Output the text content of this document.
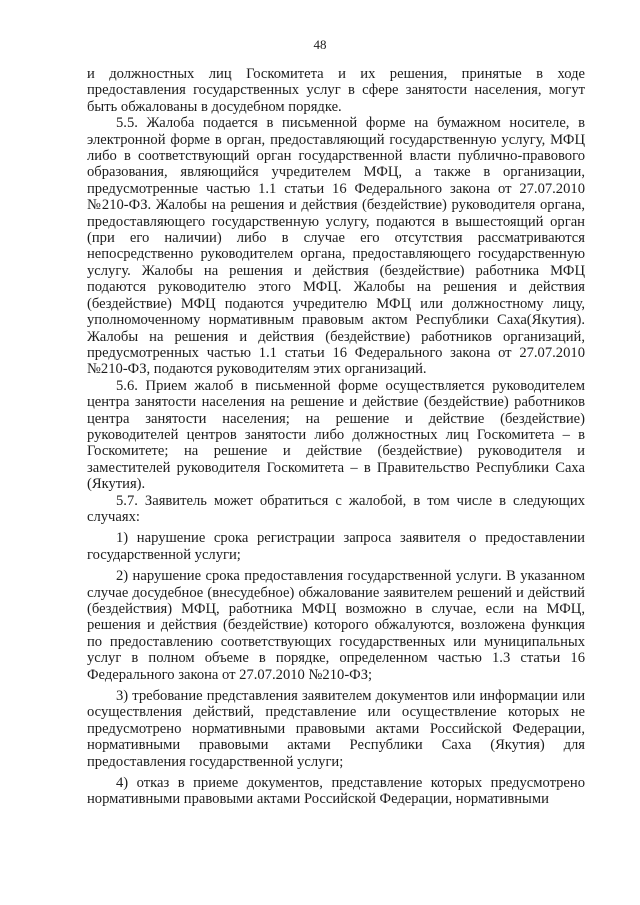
48

и должностных лиц Госкомитета и их решения, принятые в ходе предоставления государственных услуг в сфере занятости населения, могут быть обжалованы в досудебном порядке.

5.5. Жалоба подается в письменной форме на бумажном носителе, в электронной форме в орган, предоставляющий государственную услугу, МФЦ либо в соответствующий орган государственной власти публично-правового образования, являющийся учредителем МФЦ, а также в организации, предусмотренные частью 1.1 статьи 16 Федерального закона от 27.07.2010 №210-ФЗ. Жалобы на решения и действия (бездействие) руководителя органа, предоставляющего государственную услугу, подаются в вышестоящий орган (при его наличии) либо в случае его отсутствия рассматриваются непосредственно руководителем органа, предоставляющего государственную услугу. Жалобы на решения и действия (бездействие) работника МФЦ подаются руководителю этого МФЦ. Жалобы на решения и действия (бездействие) МФЦ подаются учредителю МФЦ или должностному лицу, уполномоченному нормативным правовым актом Республики Саха(Якутия). Жалобы на решения и действия (бездействие) работников организаций, предусмотренных частью 1.1 статьи 16 Федерального закона от 27.07.2010 №210-ФЗ, подаются руководителям этих организаций.

5.6. Прием жалоб в письменной форме осуществляется руководителем центра занятости населения на решение и действие (бездействие) работников центра занятости населения; на решение и действие (бездействие) руководителей центров занятости либо должностных лиц Госкомитета – в Госкомитете; на решение и действие (бездействие) руководителя и заместителей руководителя Госкомитета – в Правительство Республики Саха (Якутия).

5.7. Заявитель может обратиться с жалобой, в том числе в следующих случаях:

1) нарушение срока регистрации запроса заявителя о предоставлении государственной услуги;

2) нарушение срока предоставления государственной услуги. В указанном случае досудебное (внесудебное) обжалование заявителем решений и действий (бездействия) МФЦ, работника МФЦ возможно в случае, если на МФЦ, решения и действия (бездействие) которого обжалуются, возложена функция по предоставлению соответствующих государственных или муниципальных услуг в полном объеме в порядке, определенном частью 1.3 статьи 16 Федерального закона от 27.07.2010 №210-ФЗ;

3) требование представления заявителем документов или информации или осуществления действий, представление или осуществление которых не предусмотрено нормативными правовыми актами Российской Федерации, нормативными правовыми актами Республики Саха (Якутия) для предоставления государственной услуги;

4) отказ в приеме документов, представление которых предусмотрено нормативными правовыми актами Российской Федерации, нормативными
